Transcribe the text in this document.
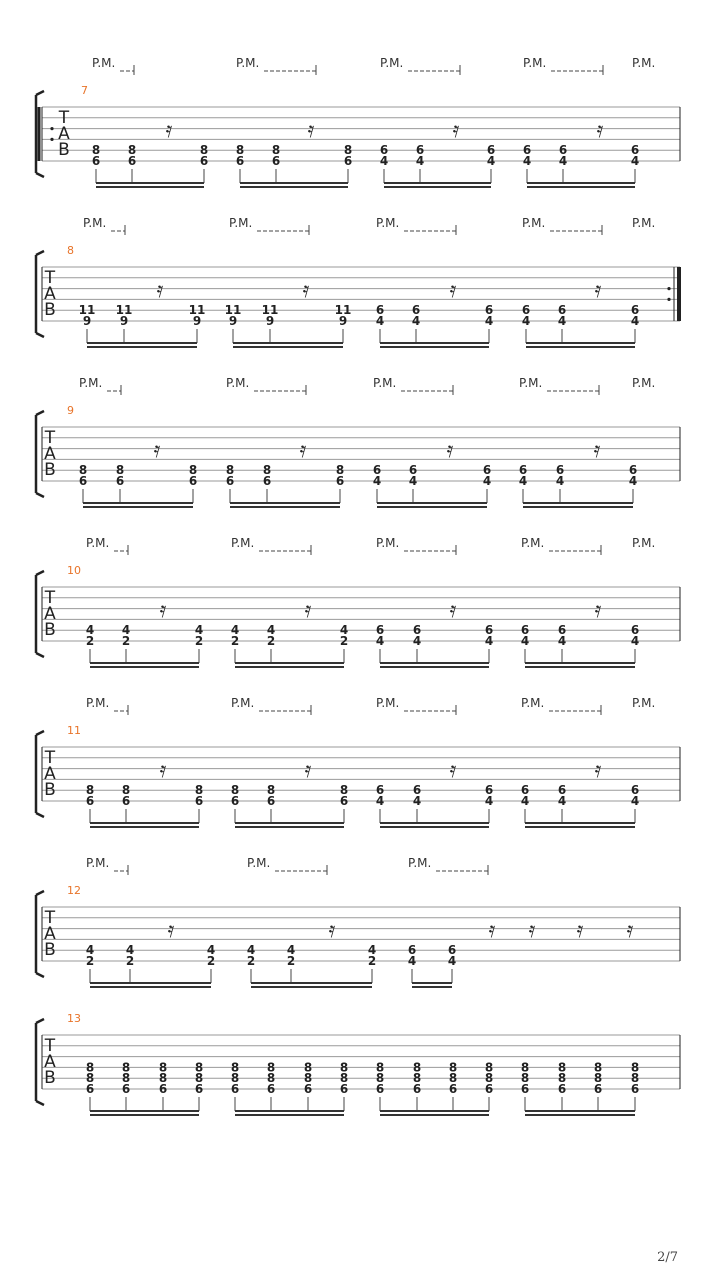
T
A
B
7
P.M.	P.M.	P.M.	P.M.	P.M.
8
6
8
6
𝄿
8
6
8
6
8
6
𝄿
8
6
6
4
6
4
𝄿
6
4
6
4
6
4
𝄿
6
4
T
A
B
8
P.M.	P.M.	P.M.	P.M.	P.M.
11
9
11
9
𝄿
11
9
11
9
11
9
𝄿
11
9
6
4
6
4
𝄿
6
4
6
4
6
4
𝄿
6
4
T
A
B
9
P.M.	P.M.	P.M.	P.M.	P.M.
8
6
8
6
𝄿
8
6
8
6
8
6
𝄿
8
6
6
4
6
4
𝄿
6
4
6
4
6
4
𝄿
6
4
T
A
B
10
P.M.	P.M.	P.M.	P.M.	P.M.
4
2
4
2
𝄿
4
2
4
2
4
2
𝄿
4
2
6
4
6
4
𝄿
6
4
6
4
6
4
𝄿
6
4
T
A
B
11
P.M.	P.M.	P.M.	P.M.	P.M.
8
6
8
6
𝄿
8
6
8
6
8
6
𝄿
8
6
6
4
6
4
𝄿
6
4
6
4
6
4
𝄿
6
4
T
A
B
12
P.M.	P.M.	P.M.
4
2
4
2
𝄿
4
2
4
2
4
2
𝄿
4
2
6
4
6
4
𝄿 𝄿 𝄿 𝄿
T
A
B
13
8
8
6
8
8
6
8
8
6
8
8
6
8
8
6
8
8
6
8
8
6
8
8
6
8
8
6
8
8
6
8
8
6
8
8
6
8
8
6
8
8
6
8
8
6
8
8
6
2/7
